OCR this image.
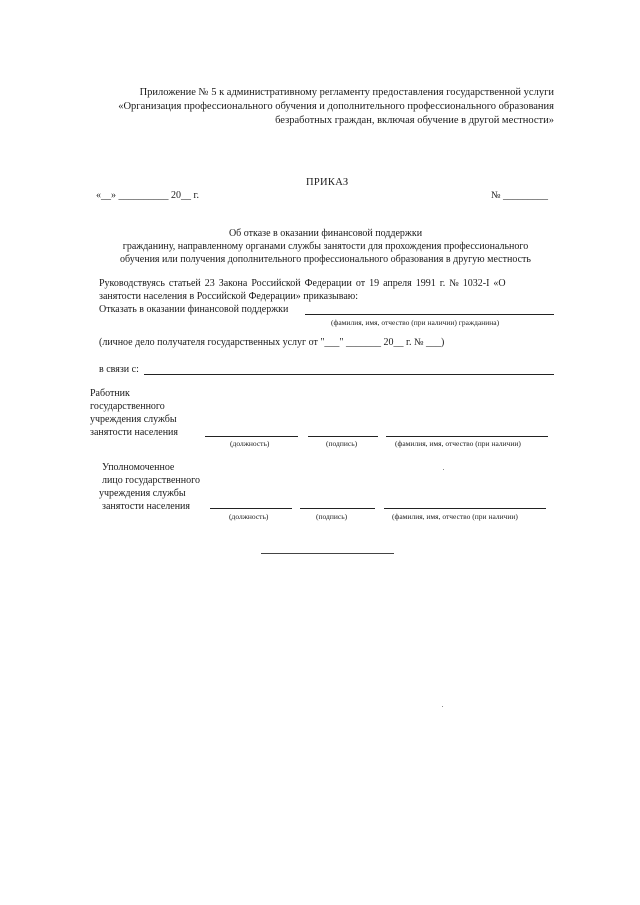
Приложение № 5 к административному регламенту предоставления государственной услуги
«Организация профессионального обучения и дополнительного профессионального образования
безработных граждан, включая обучение в другой местности»
ПРИКАЗ
«__» __________ 20__ г.	№ _________
Об отказе в оказании финансовой поддержки
гражданину, направленному органами службы занятости для прохождения профессионального
обучения или получения дополнительного профессионального образования в другую местность
Руководствуясь статьей 23 Закона Российской Федерации от 19 апреля 1991 г. № 1032-I «О
занятости населения в Российской Федерации» приказываю:
Отказать в оказании финансовой поддержки
(фамилия, имя, отчество (при наличии) гражданина)
(личное дело получателя государственных услуг от "___" _______ 20__ г. № ___)
в связи с:
Работник
государственного
учреждения службы
занятости населения
(должность)	(подпись)	(фамилия, имя, отчество (при наличии)
Уполномоченное
лицо государственного
учреждения службы
занятости населения
(должность)	(подпись)	(фамилия, имя, отчество (при наличии)
